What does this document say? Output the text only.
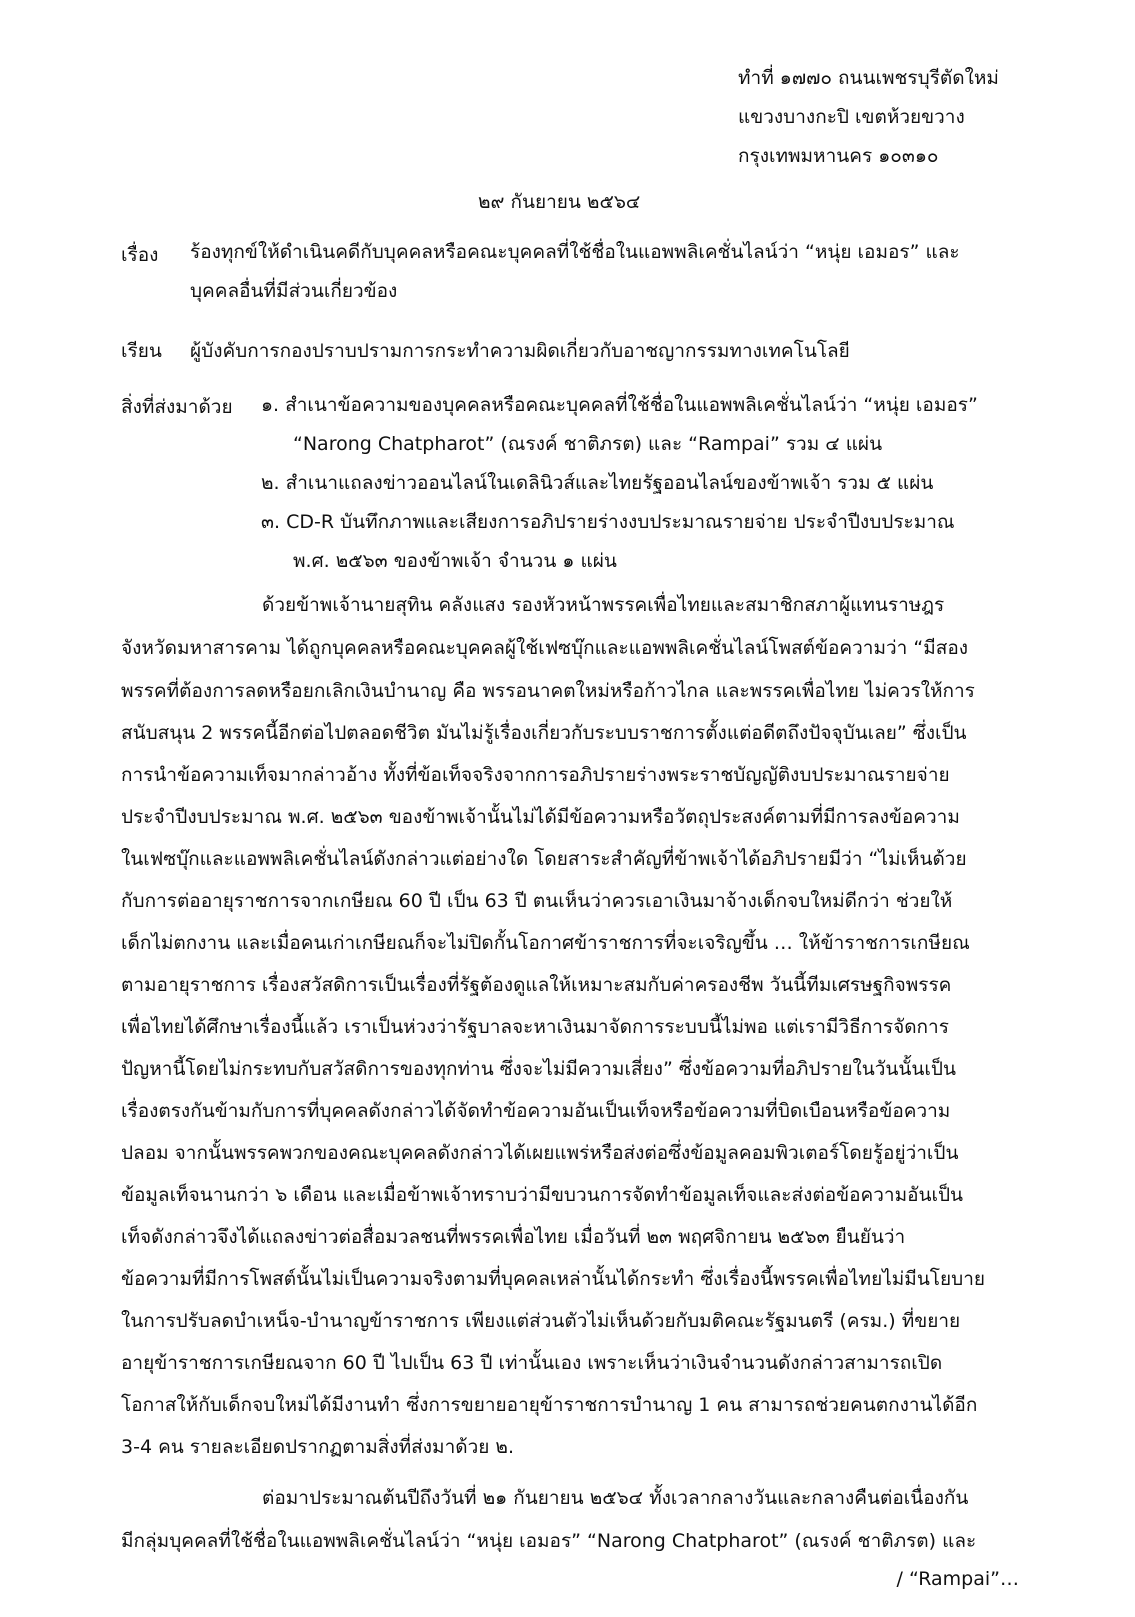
ทำที่ ๑๗๗๐ ถนนเพชรบุรีตัดใหม่
แขวงบางกะปิ เขตห้วยขวาง
กรุงเทพมหานคร ๑๐๓๑๐
๒๙ กันยายน ๒๕๖๔
เรื่อง ร้องทุกข์ให้ดำเนินคดีกับบุคคลหรือคณะบุคคลที่ใช้ชื่อในแอพพลิเคชั่นไลน์ว่า “หนุ่ย เอมอร” และ
บุคคลอื่นที่มีส่วนเกี่ยวข้อง
เรียน ผู้บังคับการกองปราบปรามการกระทำความผิดเกี่ยวกับอาชญากรรมทางเทคโนโลยี
สิ่งที่ส่งมาด้วย ๑. สำเนาข้อความของบุคคลหรือคณะบุคคลที่ใช้ชื่อในแอพพลิเคชั่นไลน์ว่า “หนุ่ย เอมอร”
“Narong Chatpharot” (ณรงค์ ชาติภรต) และ “Rampai” รวม ๔ แผ่น
๒. สำเนาแถลงข่าวออนไลน์ในเดลินิวส์และไทยรัฐออนไลน์ของข้าพเจ้า รวม ๕ แผ่น
๓. CD-R บันทึกภาพและเสียงการอภิปรายร่างงบประมาณรายจ่าย ประจำปีงบประมาณ
พ.ศ. ๒๕๖๓ ของข้าพเจ้า จำนวน ๑ แผ่น
ด้วยข้าพเจ้านายสุทิน คลังแสง รองหัวหน้าพรรคเพื่อไทยและสมาชิกสภาผู้แทนราษฎร
จังหวัดมหาสารคาม ได้ถูกบุคคลหรือคณะบุคคลผู้ใช้เฟซบุ๊กและแอพพลิเคชั่นไลน์โพสต์ข้อความว่า “มีสอง
พรรคที่ต้องการลดหรือยกเลิกเงินบำนาญ คือ พรรอนาคตใหม่หรือก้าวไกล และพรรคเพื่อไทย ไม่ควรให้การ
สนับสนุน 2 พรรคนี้อีกต่อไปตลอดชีวิต มันไม่รู้เรื่องเกี่ยวกับระบบราชการตั้งแต่อดีตถึงปัจจุบันเลย” ซึ่งเป็น
การนำข้อความเท็จมากล่าวอ้าง ทั้งที่ข้อเท็จจริงจากการอภิปรายร่างพระราชบัญญัติงบประมาณรายจ่าย
ประจำปีงบประมาณ พ.ศ. ๒๕๖๓ ของข้าพเจ้านั้นไม่ได้มีข้อความหรือวัตถุประสงค์ตามที่มีการลงข้อความ
ในเฟซบุ๊กและแอพพลิเคชั่นไลน์ดังกล่าวแต่อย่างใด โดยสาระสำคัญที่ข้าพเจ้าได้อภิปรายมีว่า “ไม่เห็นด้วย
กับการต่ออายุราชการจากเกษียณ 60 ปี เป็น 63 ปี ตนเห็นว่าควรเอาเงินมาจ้างเด็กจบใหม่ดีกว่า ช่วยให้
เด็กไม่ตกงาน และเมื่อคนเก่าเกษียณก็จะไม่ปิดกั้นโอกาศข้าราชการที่จะเจริญขึ้น … ให้ข้าราชการเกษียณ
ตามอายุราชการ เรื่องสวัสดิการเป็นเรื่องที่รัฐต้องดูแลให้เหมาะสมกับค่าครองชีพ วันนี้ทีมเศรษฐกิจพรรค
เพื่อไทยได้ศึกษาเรื่องนี้แล้ว เราเป็นห่วงว่ารัฐบาลจะหาเงินมาจัดการระบบนี้ไม่พอ แต่เรามีวิธีการจัดการ
ปัญหานี้โดยไม่กระทบกับสวัสดิการของทุกท่าน ซึ่งจะไม่มีความเสี่ยง” ซึ่งข้อความที่อภิปรายในวันนั้นเป็น
เรื่องตรงกันข้ามกับการที่บุคคลดังกล่าวได้จัดทำข้อความอันเป็นเท็จหรือข้อความที่บิดเบือนหรือข้อความ
ปลอม จากนั้นพรรคพวกของคณะบุคคลดังกล่าวได้เผยแพร่หรือส่งต่อซึ่งข้อมูลคอมพิวเตอร์โดยรู้อยู่ว่าเป็น
ข้อมูลเท็จนานกว่า ๖ เดือน และเมื่อข้าพเจ้าทราบว่ามีขบวนการจัดทำข้อมูลเท็จและส่งต่อข้อความอันเป็น
เท็จดังกล่าวจึงได้แถลงข่าวต่อสื่อมวลชนที่พรรคเพื่อไทย เมื่อวันที่ ๒๓ พฤศจิกายน ๒๕๖๓ ยืนยันว่า
ข้อความที่มีการโพสต์นั้นไม่เป็นความจริงตามที่บุคคลเหล่านั้นได้กระทำ ซึ่งเรื่องนี้พรรคเพื่อไทยไม่มีนโยบาย
ในการปรับลดบำเหน็จ-บำนาญข้าราชการ เพียงแต่ส่วนตัวไม่เห็นด้วยกับมติคณะรัฐมนตรี (ครม.) ที่ขยาย
อายุข้าราชการเกษียณจาก 60 ปี ไปเป็น 63 ปี เท่านั้นเอง เพราะเห็นว่าเงินจำนวนดังกล่าวสามารถเปิด
โอกาสให้กับเด็กจบใหม่ได้มีงานทำ ซึ่งการขยายอายุข้าราชการบำนาญ 1 คน สามารถช่วยคนตกงานได้อีก
3-4 คน รายละเอียดปรากฏตามสิ่งที่ส่งมาด้วย ๒.
ต่อมาประมาณต้นปีถึงวันที่ ๒๑ กันยายน ๒๕๖๔ ทั้งเวลากลางวันและกลางคืนต่อเนื่องกัน
มีกลุ่มบุคคลที่ใช้ชื่อในแอพพลิเคชั่นไลน์ว่า “หนุ่ย เอมอร” “Narong Chatpharot” (ณรงค์ ชาติภรต) และ
/ “Rampai”…
